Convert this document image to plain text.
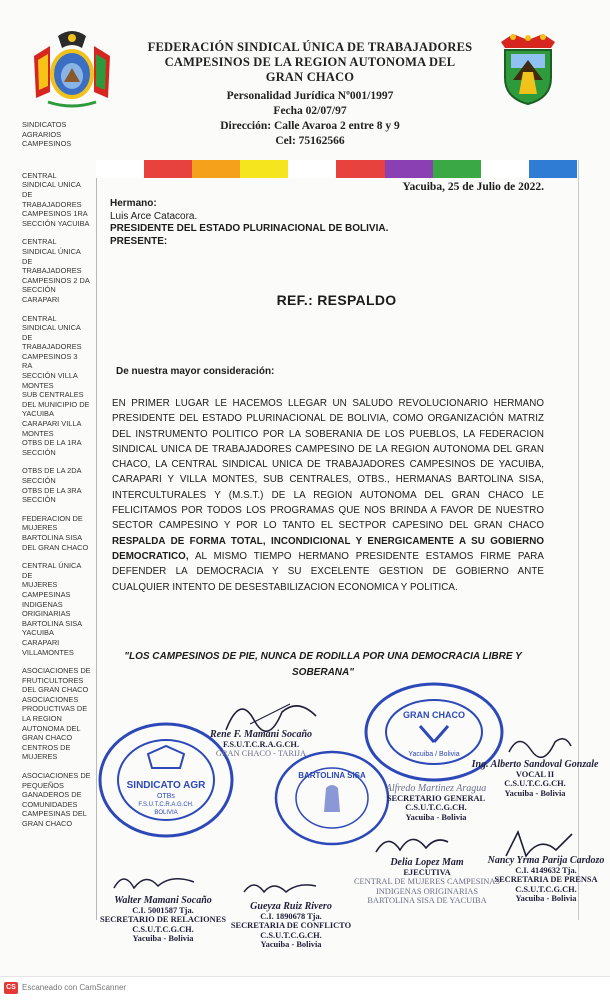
FEDERACIÓN SINDICAL ÚNICA DE TRABAJADORES
CAMPESINOS DE LA REGION AUTONOMA DEL
GRAN CHACO
Personalidad Jurídica Nº001/1997
Fecha 02/07/97
Dirección: Calle Avaroa 2 entre 8 y 9
Cel: 75162566
SINDICATOS
AGRARIOS
CAMPESINOS
CENTRAL
SINDICAL UNICA
DE
TRABAJADORES
CAMPESINOS 1RA
SECCIÓN YACUIBA
CENTRAL
SINDICAL ÚNICA
DE
TRABAJADORES
CAMPESINOS 2 DA
SECCIÓN
CARAPARI
CENTRAL
SINDICAL UNICA
DE
TRABAJADORES
CAMPESINOS 3
RA
SECCIÓN VILLA
MONTES
SUB CENTRALES
DEL MUNICIPIO DE
YACUIBA
CARAPARI VILLA
MONTES
OTBS DE LA 1RA
SECCIÓN
OTBS DE LA 2DA
SECCIÓN
OTBS DE LA 3RA
SECCIÓN
FEDERACION DE
MUJERES
BARTOLINA SISA
DEL GRAN CHACO
CENTRAL ÚNICA
DE
MUJERES
CAMPESINAS
INDIGENAS
ORIGINARIAS
BARTOLINA SISA
YACUIBA
CARAPARI
VILLAMONTES
ASOCIACIONES DE
FRUTICULTORES
DEL GRAN CHACO
ASOCIACIONES
PRODUCTIVAS DE
LA REGION
AUTONOMA DEL
GRAN CHACO
CENTROS DE
MUJERES
ASOCIACIONES DE
PEQUEÑOS
GANADEROS DE
COMUNIDADES
CAMPESINAS DEL
GRAN CHACO
Yacuiba, 25 de Julio de 2022.
Hermano:
Luis Arce Catacora.
PRESIDENTE DEL ESTADO PLURINACIONAL DE BOLIVIA.
PRESENTE:
REF.: RESPALDO
De nuestra mayor consideración:
EN PRIMER LUGAR LE HACEMOS LLEGAR UN SALUDO REVOLUCIONARIO HERMANO PRESIDENTE DEL ESTADO PLURINACIONAL DE BOLIVIA, COMO ORGANIZACIÓN MATRIZ DEL INSTRUMENTO POLITICO POR LA SOBERANIA DE LOS PUEBLOS, LA FEDERACION SINDICAL UNICA DE TRABAJADORES CAMPESINO DE LA REGION AUTONOMA DEL GRAN CHACO, LA CENTRAL SINDICAL UNICA DE TRABAJADORES CAMPESINOS DE YACUIBA, CARAPARI Y VILLA MONTES, SUB CENTRALES, OTBS., HERMANAS BARTOLINA SISA, INTERCULTURALES Y (M.S.T.) DE LA REGION AUTONOMA DEL GRAN CHACO LE FELICITAMOS POR TODOS LOS PROGRAMAS QUE NOS BRINDA A FAVOR DE NUESTRO SECTOR CAMPESINO Y POR LO TANTO EL SECTPOR CAPESINO DEL GRAN CHACO RESPALDA DE FORMA TOTAL, INCONDICIONAL Y ENERGICAMENTE A SU GOBIERNO DEMOCRATICO, AL MISMO TIEMPO HERMANO PRESIDENTE ESTAMOS FIRME PARA DEFENDER LA DEMOCRACIA Y SU EXCELENTE GESTION DE GOBIERNO ANTE CUALQUIER INTENTO DE DESESTABILIZACION ECONOMICA Y POLITICA.
"LOS CAMPESINOS DE PIE, NUNCA DE RODILLA POR UNA DEMOCRACIA LIBRE Y SOBERANA"
SINDICATO AGR
OTBs
F.S.U.T.C.R.A.G.CH.
BOLIVIA
GRAN CHACO
Yacuiba / Bolivia
BARTOLINA SISA
Rene F. Mamani Socaño
F.S.U.T.C.R.A.G.CH.
GRAN CHACO - TARIJA
Ing. Alberto Sandoval Gonzale
VOCAL II
C.S.U.T.C.G.CH.
Yacuiba - Bolivia
Alfredo Martinez Aragua
SECRETARIO GENERAL
C.S.U.T.C.G.CH.
Yacuiba - Bolivia
Nancy Yrma Parija Cardozo
C.I. 4149632 Tja.
SECRETARIA DE PRENSA
C.S.U.T.C.G.CH.
Yacuiba - Bolivia
Delia Lopez Mam
EJECUTIVA
CENTRAL DE MUJERES CAMPESINAS
INDIGENAS ORIGINARIAS
BARTOLINA SISA DE YACUIBA
Walter Mamani Socaño
C.I. 5001587 Tja.
SECRETARIO DE RELACIONES
C.S.U.T.C.G.CH.
Yacuiba - Bolivia
Gueyza Ruiz Rivero
C.I. 1890678 Tja.
SECRETARIA DE CONFLICTO
C.S.U.T.C.G.CH.
Yacuiba - Bolivia
CS Escaneado con CamScanner
